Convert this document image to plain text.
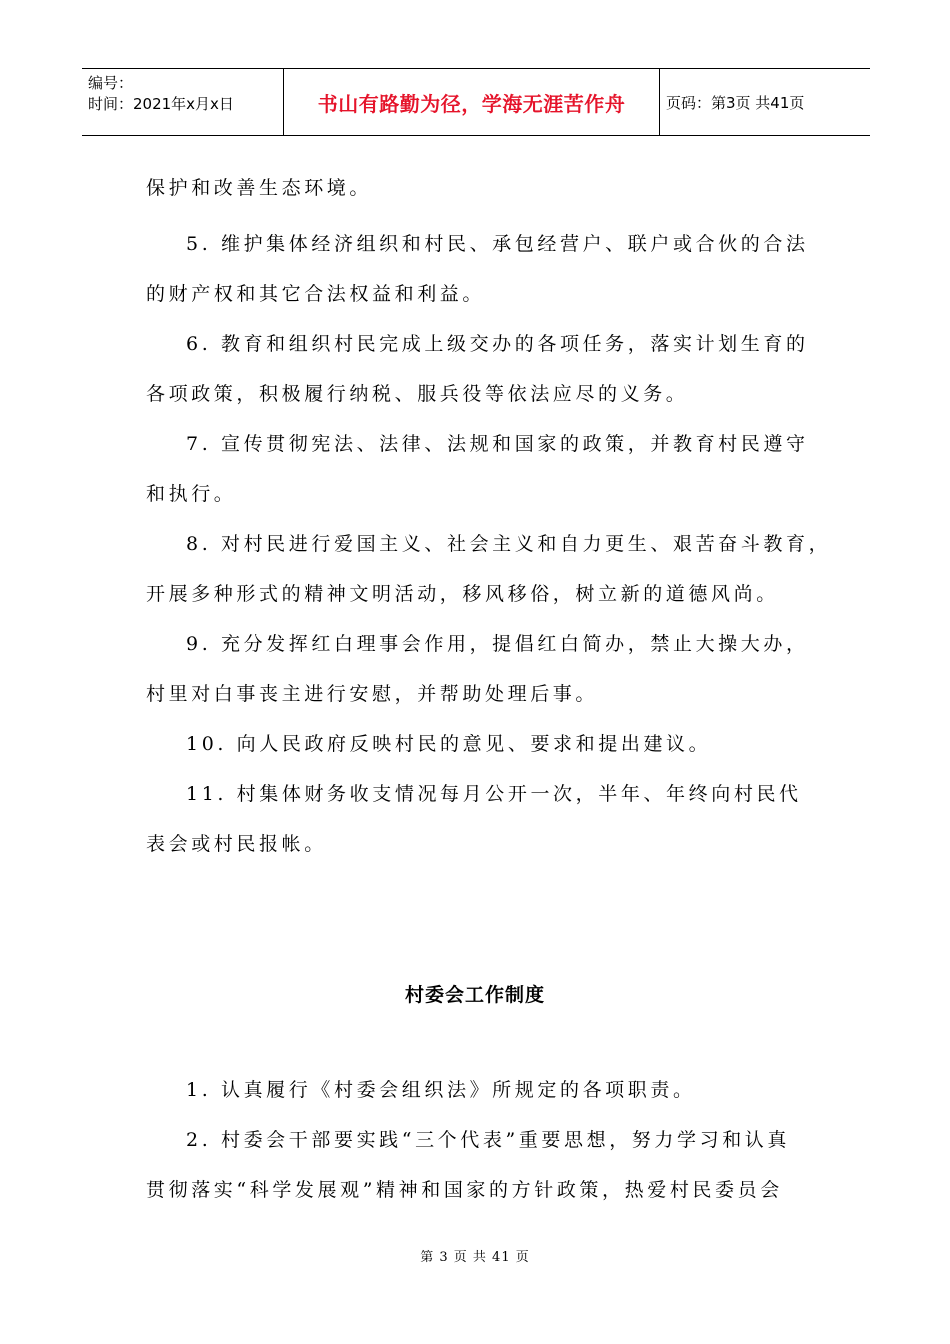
编号：
时间：2021年x月x日	书山有路勤为径，学海无涯苦作舟	页码：第3页 共41页
保护和改善生态环境。
5. 维护集体经济组织和村民、承包经营户、联户或合伙的合法
的财产权和其它合法权益和利益。
6. 教育和组织村民完成上级交办的各项任务，落实计划生育的
各项政策，积极履行纳税、服兵役等依法应尽的义务。
7. 宣传贯彻宪法、法律、法规和国家的政策，并教育村民遵守
和执行。
8. 对村民进行爱国主义、社会主义和自力更生、艰苦奋斗教育，
开展多种形式的精神文明活动，移风移俗，树立新的道德风尚。
9. 充分发挥红白理事会作用，提倡红白简办，禁止大操大办，
村里对白事丧主进行安慰，并帮助处理后事。
10. 向人民政府反映村民的意见、要求和提出建议。
11. 村集体财务收支情况每月公开一次，半年、年终向村民代
表会或村民报帐。
村委会工作制度
1. 认真履行《村委会组织法》所规定的各项职责。
2. 村委会干部要实践“三个代表”重要思想，努力学习和认真
贯彻落实“科学发展观”精神和国家的方针政策，热爱村民委员会
第 3 页 共 41 页
